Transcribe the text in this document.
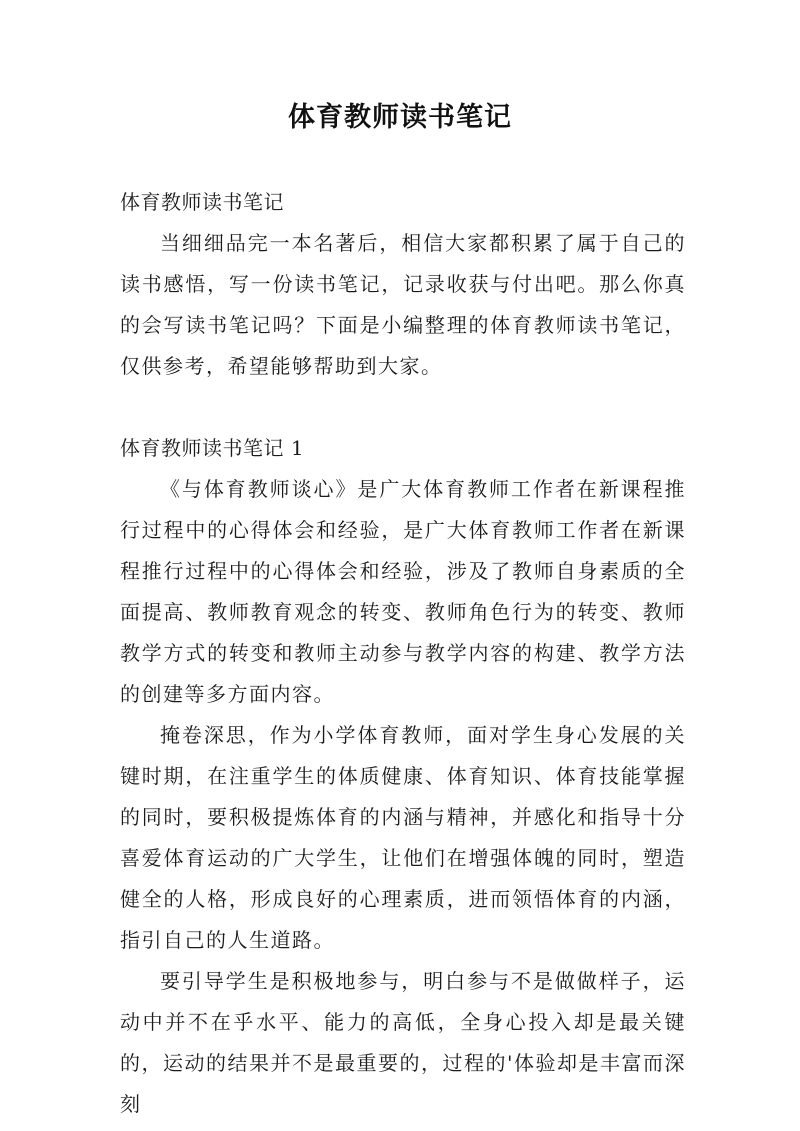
体育教师读书笔记

体育教师读书笔记

当细细品完一本名著后，相信大家都积累了属于自己的读书感悟，写一份读书笔记，记录收获与付出吧。那么你真的会写读书笔记吗？下面是小编整理的体育教师读书笔记，仅供参考，希望能够帮助到大家。

体育教师读书笔记 1

《与体育教师谈心》是广大体育教师工作者在新课程推行过程中的心得体会和经验，是广大体育教师工作者在新课程推行过程中的心得体会和经验，涉及了教师自身素质的全面提高、教师教育观念的转变、教师角色行为的转变、教师教学方式的转变和教师主动参与教学内容的构建、教学方法的创建等多方面内容。

掩卷深思，作为小学体育教师，面对学生身心发展的关键时期，在注重学生的体质健康、体育知识、体育技能掌握的同时，要积极提炼体育的内涵与精神，并感化和指导十分喜爱体育运动的广大学生，让他们在增强体魄的同时，塑造健全的人格，形成良好的心理素质，进而领悟体育的内涵，指引自己的人生道路。

要引导学生是积极地参与，明白参与不是做做样子，运动中并不在乎水平、能力的高低，全身心投入却是最关键的，运动的结果并不是最重要的，过程的'体验却是丰富而深刻
